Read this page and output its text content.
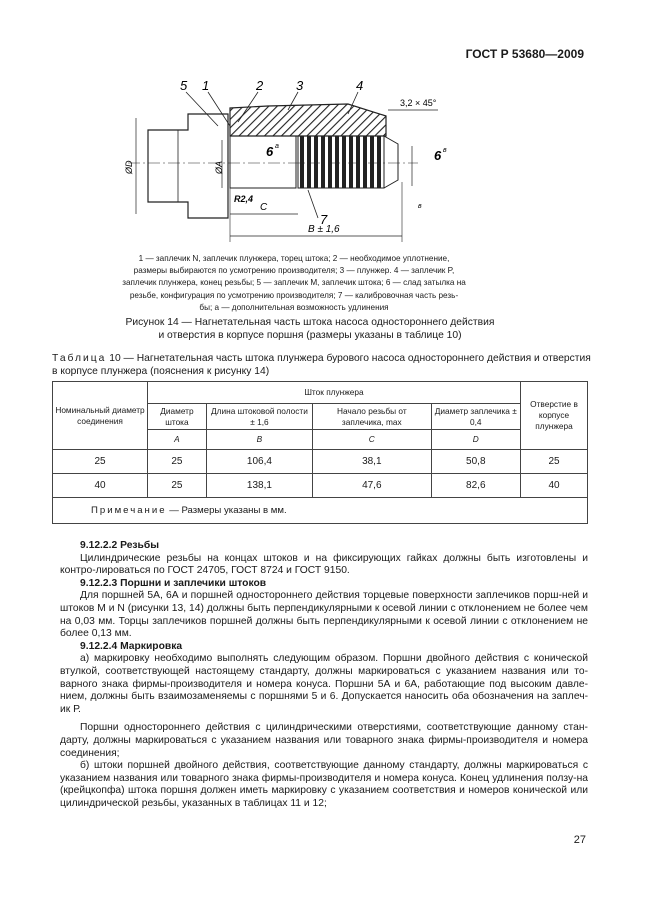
ГОСТ Р 53680—2009
5 1	2	3	4
7
3,2 × 45°
ØD	ØA
R2,4
C
B ± 1,6
6 а
6 в
в
1 — заплечик N, заплечик плунжера, торец штока; 2 — необходимое уплотнение,
размеры выбираются по усмотрению производителя; 3 — плунжер. 4 — заплечик P,
заплечик плунжера, конец резьбы; 5 — заплечик M, заплечик штока; 6 — слад затылка на
резьбе, конфигурация по усмотрению производителя; 7 — калибровочная часть резь-
бы; а — дополнительная возможность удлинения
Рисунок 14 — Нагнетательная часть штока насоса одностороннего действия
и отверстия в корпусе поршня (размеры указаны в таблице 10)
Таблица 10 — Нагнетательная часть штока плунжера бурового насоса одностороннего действия и отверстия
в корпусе плунжера (пояснения к рисунку 14)
Номинальный диаметр соединения	Шток плунжера				Отверстие в корпусе плунжера
	Диаметр штока	Длина штоковой полости ± 1,6	Начало резьбы от заплечика, max	Диаметр заплечика ± 0,4	
	A	B	C	D	
25	25	106,4	38,1	50,8	25
40	25	138,1	47,6	82,6	40
Примечание — Размеры указаны в мм.					

9.12.2.2 Резьбы

Цилиндрические резьбы на концах штоков и на фиксирующих гайках должны быть изготовлены и контро-лироваться по ГОСТ 24705, ГОСТ 8724 и ГОСТ 9150.

9.12.2.3 Поршни и заплечики штоков

Для поршней 5А, 6А и поршней одностороннего действия торцевые поверхности заплечиков порш-ней и штоков M и N (рисунки 13, 14) должны быть перпендикулярными к осевой линии с отклонением не более чем на 0,03 мм. Торцы заплечиков поршней должны быть перпендикулярными к осевой линии с отклонением не более 0,13 мм.

9.12.2.4 Маркировка

а) маркировку необходимо выполнять следующим образом. Поршни двойного действия с конической втулкой, соответствующей настоящему стандарту, должны маркироваться с указанием названия или то-варного знака фирмы-производителя и номера конуса. Поршни 5А и 6А, работающие под высоким давле-нием, должны быть взаимозаменяемы с поршнями 5 и 6. Допускается наносить оба обозначения на заплеч-ик Р.

Поршни одностороннего действия с цилиндрическими отверстиями, соответствующие данному стан-дарту, должны маркироваться с указанием названия или товарного знака фирмы-производителя и номера соединения;

б) штоки поршней двойного действия, соответствующие данному стандарту, должны маркироваться с указанием названия или товарного знака фирмы-производителя и номера конуса. Конец удлинения ползу-на (крейцкопфа) штока поршня должен иметь маркировку с указанием соответствия и номеров конической или цилиндрической резьбы, указанных в таблицах 11 и 12;

27
